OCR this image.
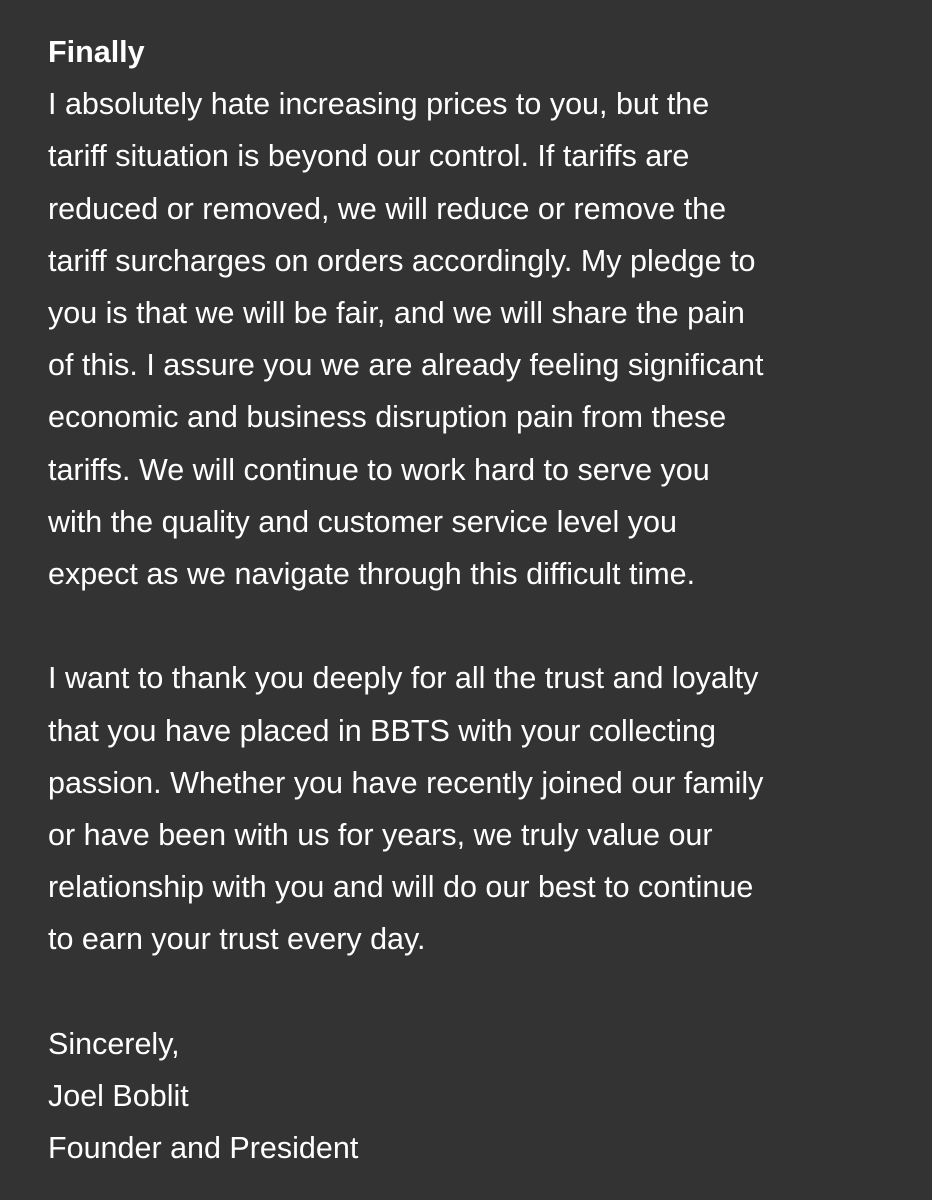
Finally

I absolutely hate increasing prices to you, but the
tariff situation is beyond our control. If tariffs are
reduced or removed, we will reduce or remove the
tariff surcharges on orders accordingly. My pledge to
you is that we will be fair, and we will share the pain
of this. I assure you we are already feeling significant
economic and business disruption pain from these
tariffs. We will continue to work hard to serve you
with the quality and customer service level you
expect as we navigate through this difficult time.

I want to thank you deeply for all the trust and loyalty
that you have placed in BBTS with your collecting
passion. Whether you have recently joined our family
or have been with us for years, we truly value our
relationship with you and will do our best to continue
to earn your trust every day.

Sincerely,
Joel Boblit
Founder and President
